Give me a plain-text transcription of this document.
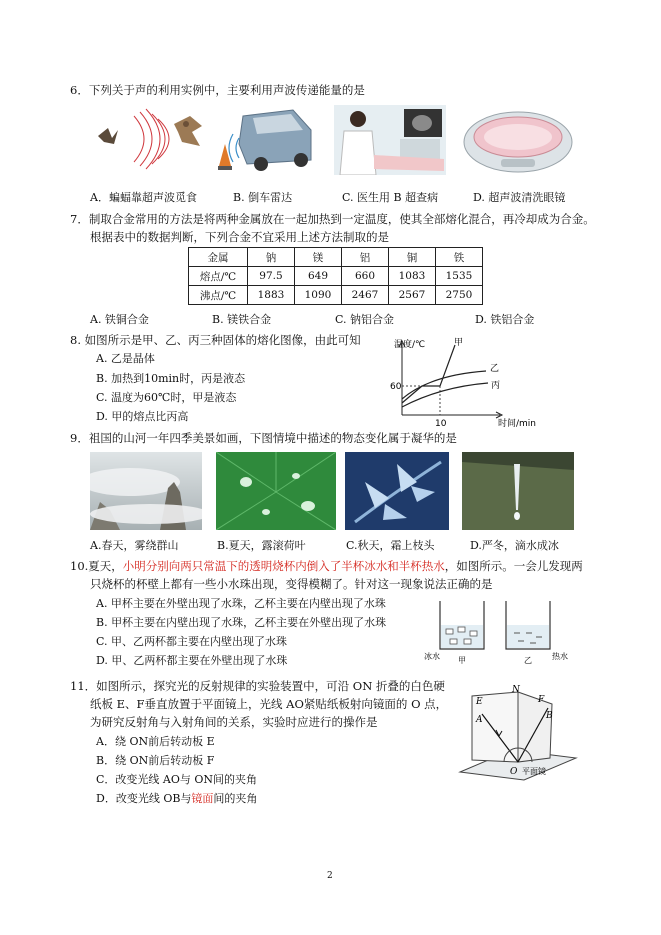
6．下列关于声的利用实例中，主要利用声波传递能量的是
A．蝙蝠靠超声波觅食	B. 倒车雷达	C. 医生用 B 超查病	D. 超声波清洗眼镜
7．制取合金常用的方法是将两种金属放在一起加热到一定温度，使其全部熔化混合，再冷却成为合金。
根据表中的数据判断，下列合金不宜采用上述方法制取的是
金属	钠	镁	铝	铜	铁
熔点/℃	97.5	649	660	1083	1535
沸点/℃	1883	1090	2467	2567	2750
A. 铁铜合金	B. 镁铁合金	C. 钠铝合金	D. 铁铝合金
8. 如图所示是甲、乙、丙三种固体的熔化图像，由此可知
A. 乙是晶体
B. 加热到10min时，丙是液态
C. 温度为60℃时，甲是液态
D. 甲的熔点比丙高
温度/℃
60
10	时间/min
甲
乙
丙
9．祖国的山河一年四季美景如画，下图情境中描述的物态变化属于凝华的是
A.春天，雾绕群山	B.夏天，露滚荷叶	C.秋天，霜上枝头	D.严冬，滴水成冰
10.夏天，小明分别向两只常温下的透明烧杯内倒入了半杯冰水和半杯热水，如图所示。一会儿发现两
只烧杯的杯壁上都有一些小水珠出现，变得模糊了。针对这一现象说法正确的是
A. 甲杯主要在外壁出现了水珠，乙杯主要在内壁出现了水珠
B. 甲杯主要在内壁出现了水珠，乙杯主要在外壁出现了水珠
C. 甲、乙两杯都主要在内壁出现了水珠
D. 甲、乙两杯都主要在外壁出现了水珠	冰水 甲	乙	热水
11．如图所示，探究光的反射规律的实验装置中，可沿 ON 折叠的白色硬
纸板 E、F垂直放置于平面镜上，光线 AO紧贴纸板射向镜面的 O 点，
为研究反射角与入射角间的关系，实验时应进行的操作是
A．绕 ON前后转动板 E
B．绕 ON前后转动板 F
C．改变光线 AO与 ON间的夹角
D．改变光线 OB与镜面间的夹角
E
N
F
A	B
O 平面镜
2
